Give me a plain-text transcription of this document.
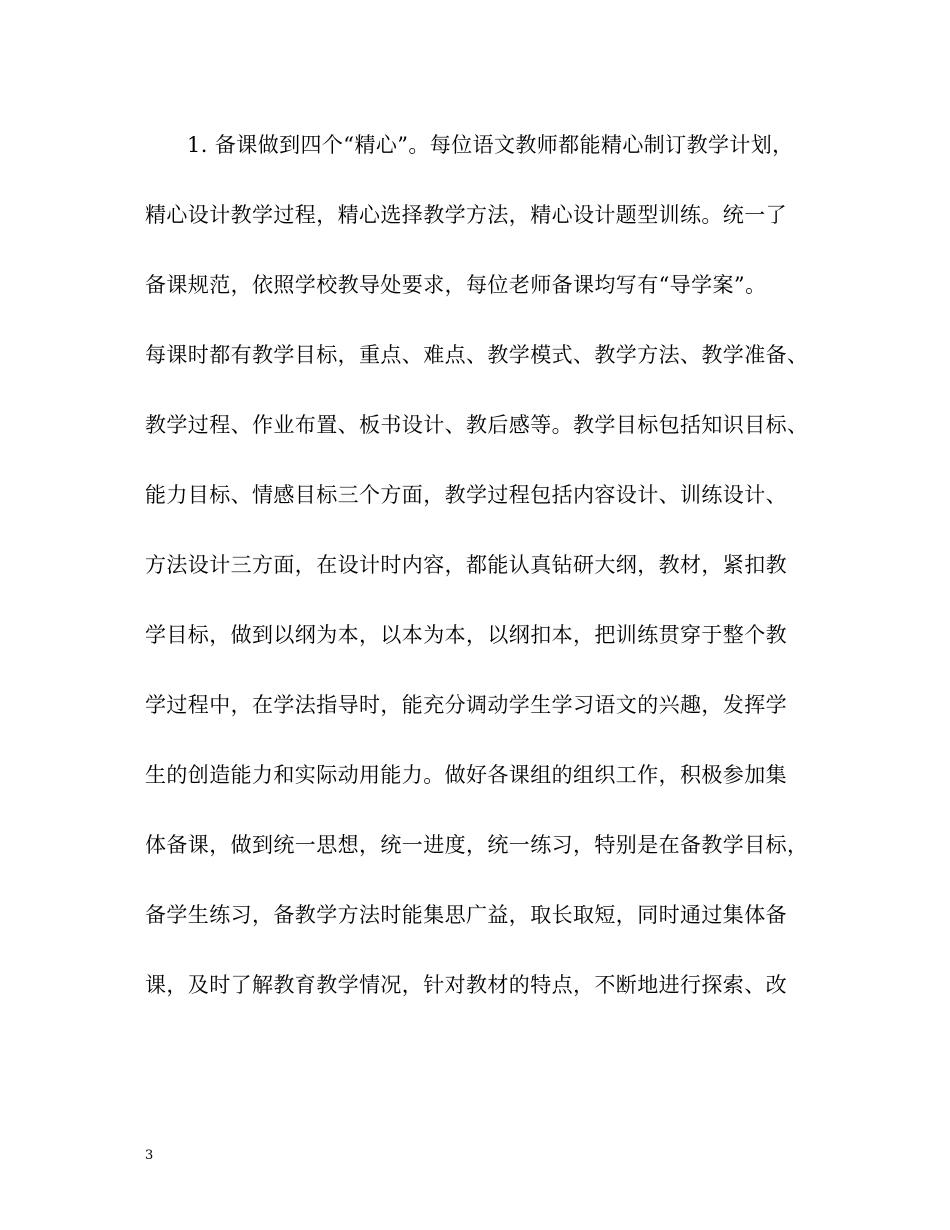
1. 备课做到四个“精心”。每位语文教师都能精心制订教学计划，
精心设计教学过程，精心选择教学方法，精心设计题型训练。统一了
备课规范，依照学校教导处要求，每位老师备课均写有“导学案”。
每课时都有教学目标，重点、难点、教学模式、教学方法、教学准备、
教学过程、作业布置、板书设计、教后感等。教学目标包括知识目标、
能力目标、情感目标三个方面，教学过程包括内容设计、训练设计、
方法设计三方面，在设计时内容，都能认真钻研大纲，教材，紧扣教
学目标，做到以纲为本，以本为本，以纲扣本，把训练贯穿于整个教
学过程中，在学法指导时，能充分调动学生学习语文的兴趣，发挥学
生的创造能力和实际动用能力。做好各课组的组织工作，积极参加集
体备课，做到统一思想，统一进度，统一练习，特别是在备教学目标，
备学生练习，备教学方法时能集思广益，取长取短，同时通过集体备
课，及时了解教育教学情况，针对教材的特点，不断地进行探索、改
3
